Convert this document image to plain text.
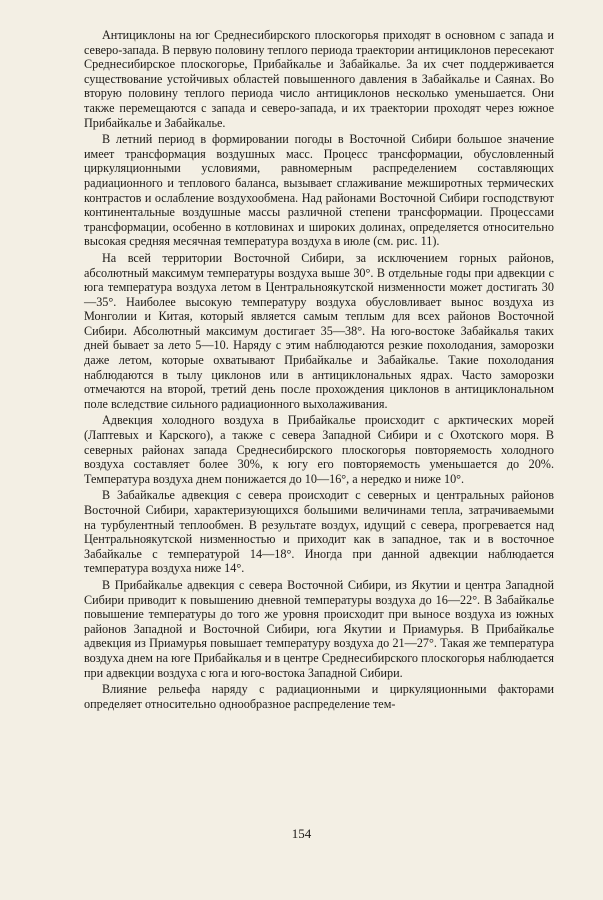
Антициклоны на юг Среднесибирского плоскогорья приходят в основном с запада и северо-запада. В первую половину теплого периода траектории антициклонов пересекают Среднесибирское плоскогорье, Прибайкалье и Забайкалье. За их счет поддерживается существование устойчивых областей повышенного давления в Забайкалье и Саянах. Во вторую половину теплого периода число антициклонов несколько уменьшается. Они также перемещаются с запада и северо-запада, и их траектории проходят через южное Прибайкалье и Забайкалье.

В летний период в формировании погоды в Восточной Сибири большое значение имеет трансформация воздушных масс. Процесс трансформации, обусловленный циркуляционными условиями, равномерным распределением составляющих радиационного и теплового баланса, вызывает сглаживание межширотных термических контрастов и ослабление воздухообмена. Над районами Восточной Сибири господствуют континентальные воздушные массы различной степени трансформации. Процессами трансформации, особенно в котловинах и широких долинах, определяется относительно высокая средняя месячная температура воздуха в июле (см. рис. 11).

На всей территории Восточной Сибири, за исключением горных районов, абсолютный максимум температуры воздуха выше 30°. В отдельные годы при адвекции с юга температура воздуха летом в Центральноякутской низменности может достигать 30—35°. Наиболее высокую температуру воздуха обусловливает вынос воздуха из Монголии и Китая, который является самым теплым для всех районов Восточной Сибири. Абсолютный максимум достигает 35—38°. На юго-востоке Забайкалья таких дней бывает за лето 5—10. Наряду с этим наблюдаются резкие похолодания, заморозки даже летом, которые охватывают Прибайкалье и Забайкалье. Такие похолодания наблюдаются в тылу циклонов или в антициклональных ядрах. Часто заморозки отмечаются на второй, третий день после прохождения циклонов в антициклональном поле вследствие сильного радиационного выхолаживания.

Адвекция холодного воздуха в Прибайкалье происходит с арктических морей (Лаптевых и Карского), а также с севера Западной Сибири и с Охотского моря. В северных районах запада Среднесибирского плоскогорья повторяемость холодного воздуха составляет более 30%, к югу его повторяемость уменьшается до 20%. Температура воздуха днем понижается до 10—16°, а нередко и ниже 10°.

В Забайкалье адвекция с севера происходит с северных и центральных районов Восточной Сибири, характеризующихся большими величинами тепла, затрачиваемыми на турбулентный теплообмен. В результате воздух, идущий с севера, прогревается над Центральноякутской низменностью и приходит как в западное, так и в восточное Забайкалье с температурой 14—18°. Иногда при данной адвекции наблюдается температура воздуха ниже 14°.

В Прибайкалье адвекция с севера Восточной Сибири, из Якутии и центра Западной Сибири приводит к повышению дневной температуры воздуха до 16—22°. В Забайкалье повышение температуры до того же уровня происходит при выносе воздуха из южных районов Западной и Восточной Сибири, юга Якутии и Приамурья. В Прибайкалье адвекция из Приамурья повышает температуру воздуха до 21—27°. Такая же температура воздуха днем на юге Прибайкалья и в центре Среднесибирского плоскогорья наблюдается при адвекции воздуха с юга и юго-востока Западной Сибири.

Влияние рельефа наряду с радиационными и циркуляционными факторами определяет относительно однообразное распределение тем-

154
